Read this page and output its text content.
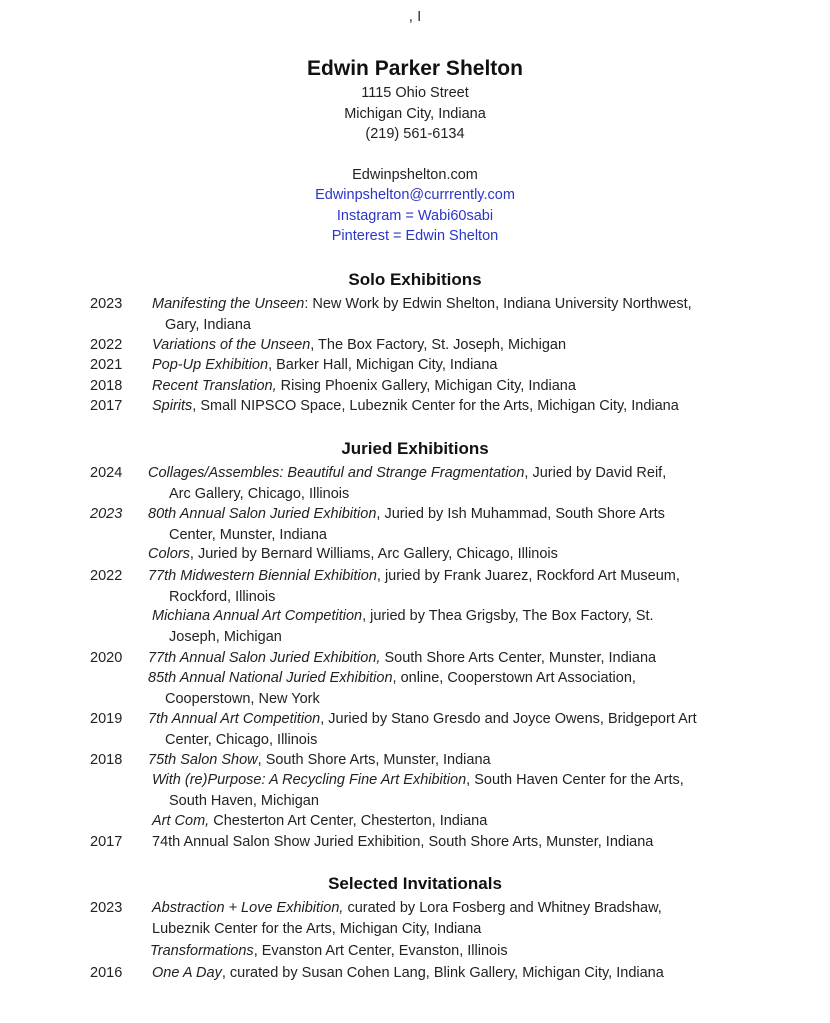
, I

Edwin Parker Shelton

1115 Ohio Street

Michigan City, Indiana

(219) 561-6134

Edwinpshelton.com

Edwinpshelton@currrently.com

Instagram = Wabi60sabi

Pinterest = Edwin Shelton

Solo Exhibitions
2023	Manifesting the Unseen: New Work by Edwin Shelton, Indiana University Northwest,
Gary, Indiana
2022	Variations of the Unseen, The Box Factory, St. Joseph, Michigan
2021	Pop-Up Exhibition, Barker Hall, Michigan City, Indiana
2018	Recent Translation, Rising Phoenix Gallery, Michigan City, Indiana
2017	Spirits, Small NIPSCO Space, Lubeznik Center for the Arts, Michigan City, Indiana
Juried Exhibitions
2024	Collages/Assembles: Beautiful and Strange Fragmentation, Juried by David Reif,
Arc Gallery, Chicago, Illinois
2023	80th Annual Salon Juried Exhibition, Juried by Ish Muhammad, South Shore Arts
Center, Munster, Indiana
Colors, Juried by Bernard Williams, Arc Gallery, Chicago, Illinois
2022	77th Midwestern Biennial Exhibition, juried by Frank Juarez, Rockford Art Museum,
Rockford, Illinois
Michiana Annual Art Competition, juried by Thea Grigsby, The Box Factory, St.
Joseph, Michigan
2020	77th Annual Salon Juried Exhibition, South Shore Arts Center, Munster, Indiana
85th Annual National Juried Exhibition, online, Cooperstown Art Association,
Cooperstown, New York
2019	7th Annual Art Competition, Juried by Stano Gresdo and Joyce Owens, Bridgeport Art
Center, Chicago, Illinois
2018	75th Salon Show, South Shore Arts, Munster, Indiana
With (re)Purpose: A Recycling Fine Art Exhibition, South Haven Center for the Arts,
South Haven, Michigan
Art Com, Chesterton Art Center, Chesterton, Indiana
2017	74th Annual Salon Show Juried Exhibition, South Shore Arts, Munster, Indiana
Selected Invitationals
2023	Abstraction + Love Exhibition, curated by Lora Fosberg and Whitney Bradshaw,
Lubeznik Center for the Arts, Michigan City, Indiana
Transformations, Evanston Art Center, Evanston, Illinois
2016	One A Day, curated by Susan Cohen Lang, Blink Gallery, Michigan City, Indiana
